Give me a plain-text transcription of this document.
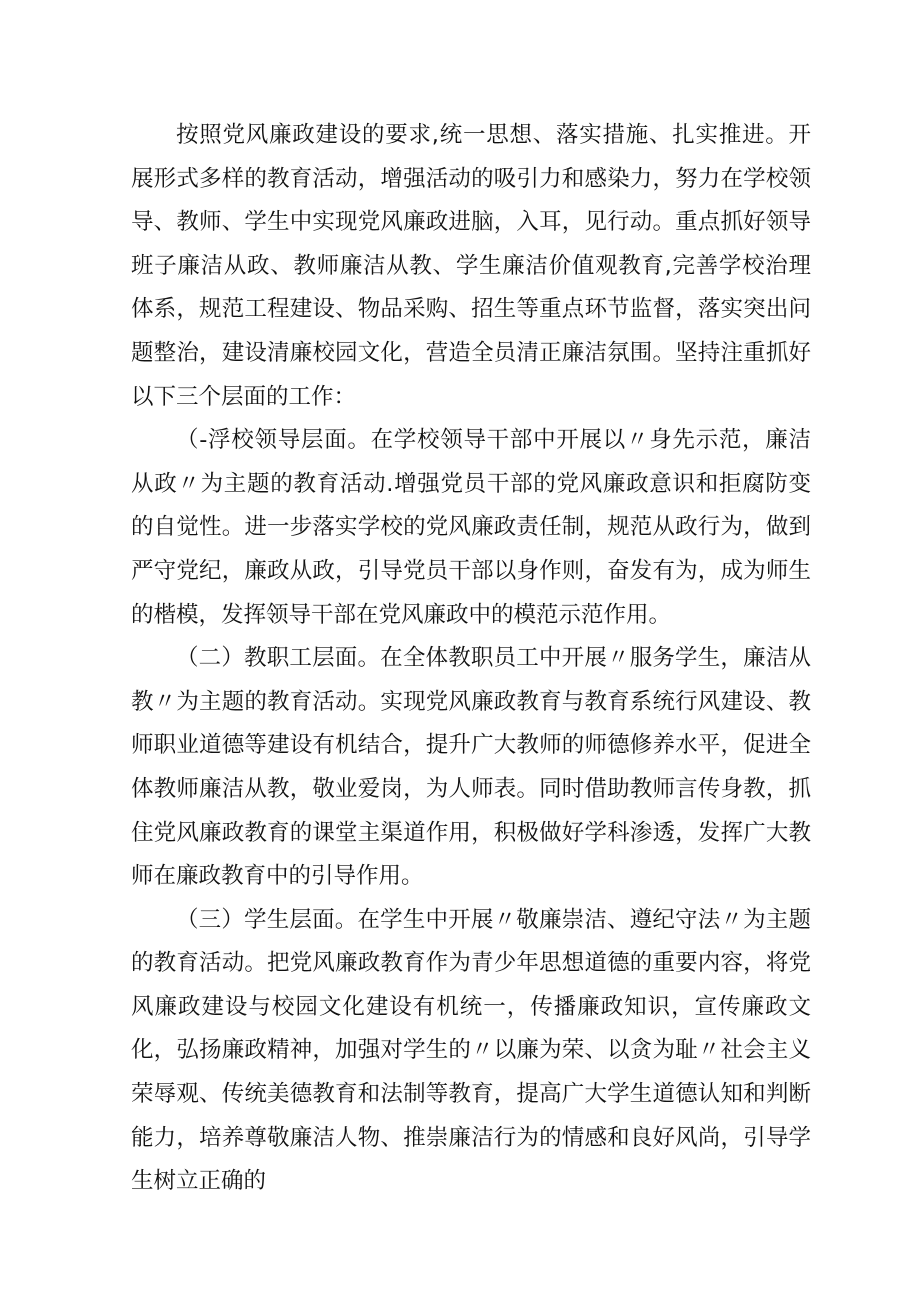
按照党风廉政建设的要求,统一思想、落实措施、扎实推进。开展形式多样的教育活动，增强活动的吸引力和感染力，努力在学校领导、教师、学生中实现党风廉政进脑，入耳，见行动。重点抓好领导班子廉洁从政、教师廉洁从教、学生廉洁价值观教育,完善学校治理体系，规范工程建设、物品采购、招生等重点环节监督，落实突出问题整治，建设清廉校园文化，营造全员清正廉洁氛围。坚持注重抓好以下三个层面的工作：

（-浮校领导层面。在学校领导干部中开展以〃身先示范，廉洁从政〃为主题的教育活动.增强党员干部的党风廉政意识和拒腐防变的自觉性。进一步落实学校的党风廉政责任制，规范从政行为，做到严守党纪，廉政从政，引导党员干部以身作则，奋发有为，成为师生的楷模，发挥领导干部在党风廉政中的模范示范作用。

（二）教职工层面。在全体教职员工中开展〃服务学生，廉洁从教〃为主题的教育活动。实现党风廉政教育与教育系统行风建设、教师职业道德等建设有机结合，提升广大教师的师德修养水平，促进全体教师廉洁从教，敬业爱岗，为人师表。同时借助教师言传身教，抓住党风廉政教育的课堂主渠道作用，积极做好学科渗透，发挥广大教师在廉政教育中的引导作用。

（三）学生层面。在学生中开展〃敬廉崇洁、遵纪守法〃为主题的教育活动。把党风廉政教育作为青少年思想道德的重要内容，将党风廉政建设与校园文化建设有机统一，传播廉政知识，宣传廉政文化，弘扬廉政精神，加强对学生的〃以廉为荣、以贪为耻〃社会主义荣辱观、传统美德教育和法制等教育，提高广大学生道德认知和判断能力，培养尊敬廉洁人物、推崇廉洁行为的情感和良好风尚，引导学生树立正确的
